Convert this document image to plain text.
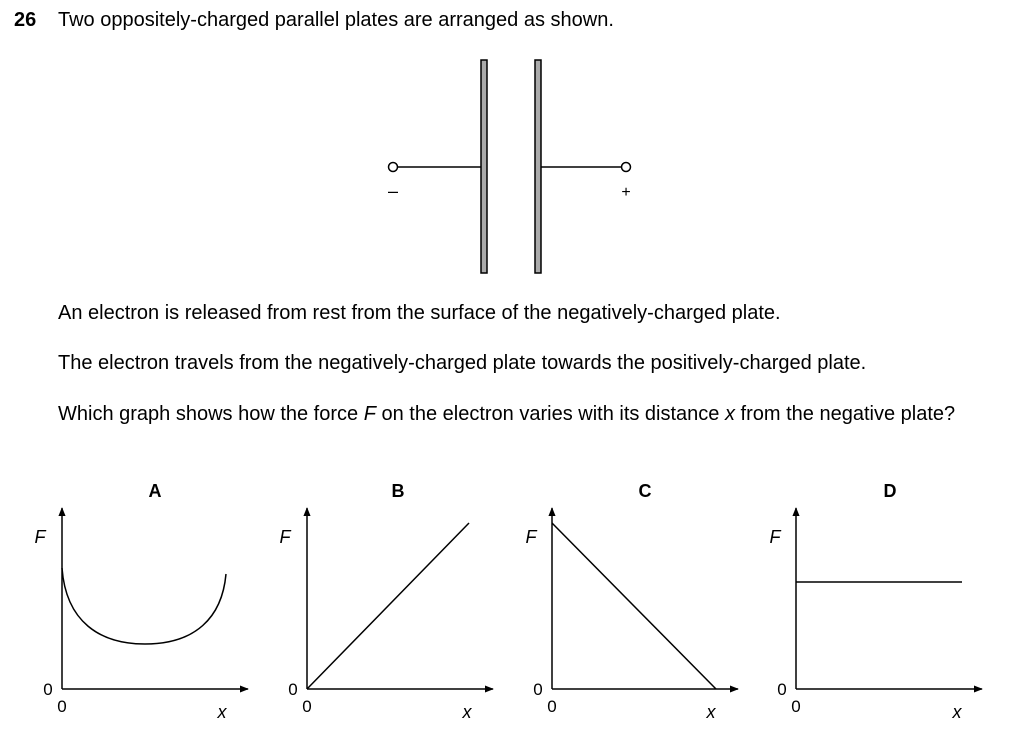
26 Two oppositely-charged parallel plates are arranged as shown.
–	+
An electron is released from rest from the surface of the negatively-charged plate.
The electron travels from the negatively-charged plate towards the positively-charged plate.
Which graph shows how the force F on the electron varies with its distance x from the negative plate?
A
F
x
0
0
B
F
x
0
0
C
F
x
0
0
D
F
x
0
0
